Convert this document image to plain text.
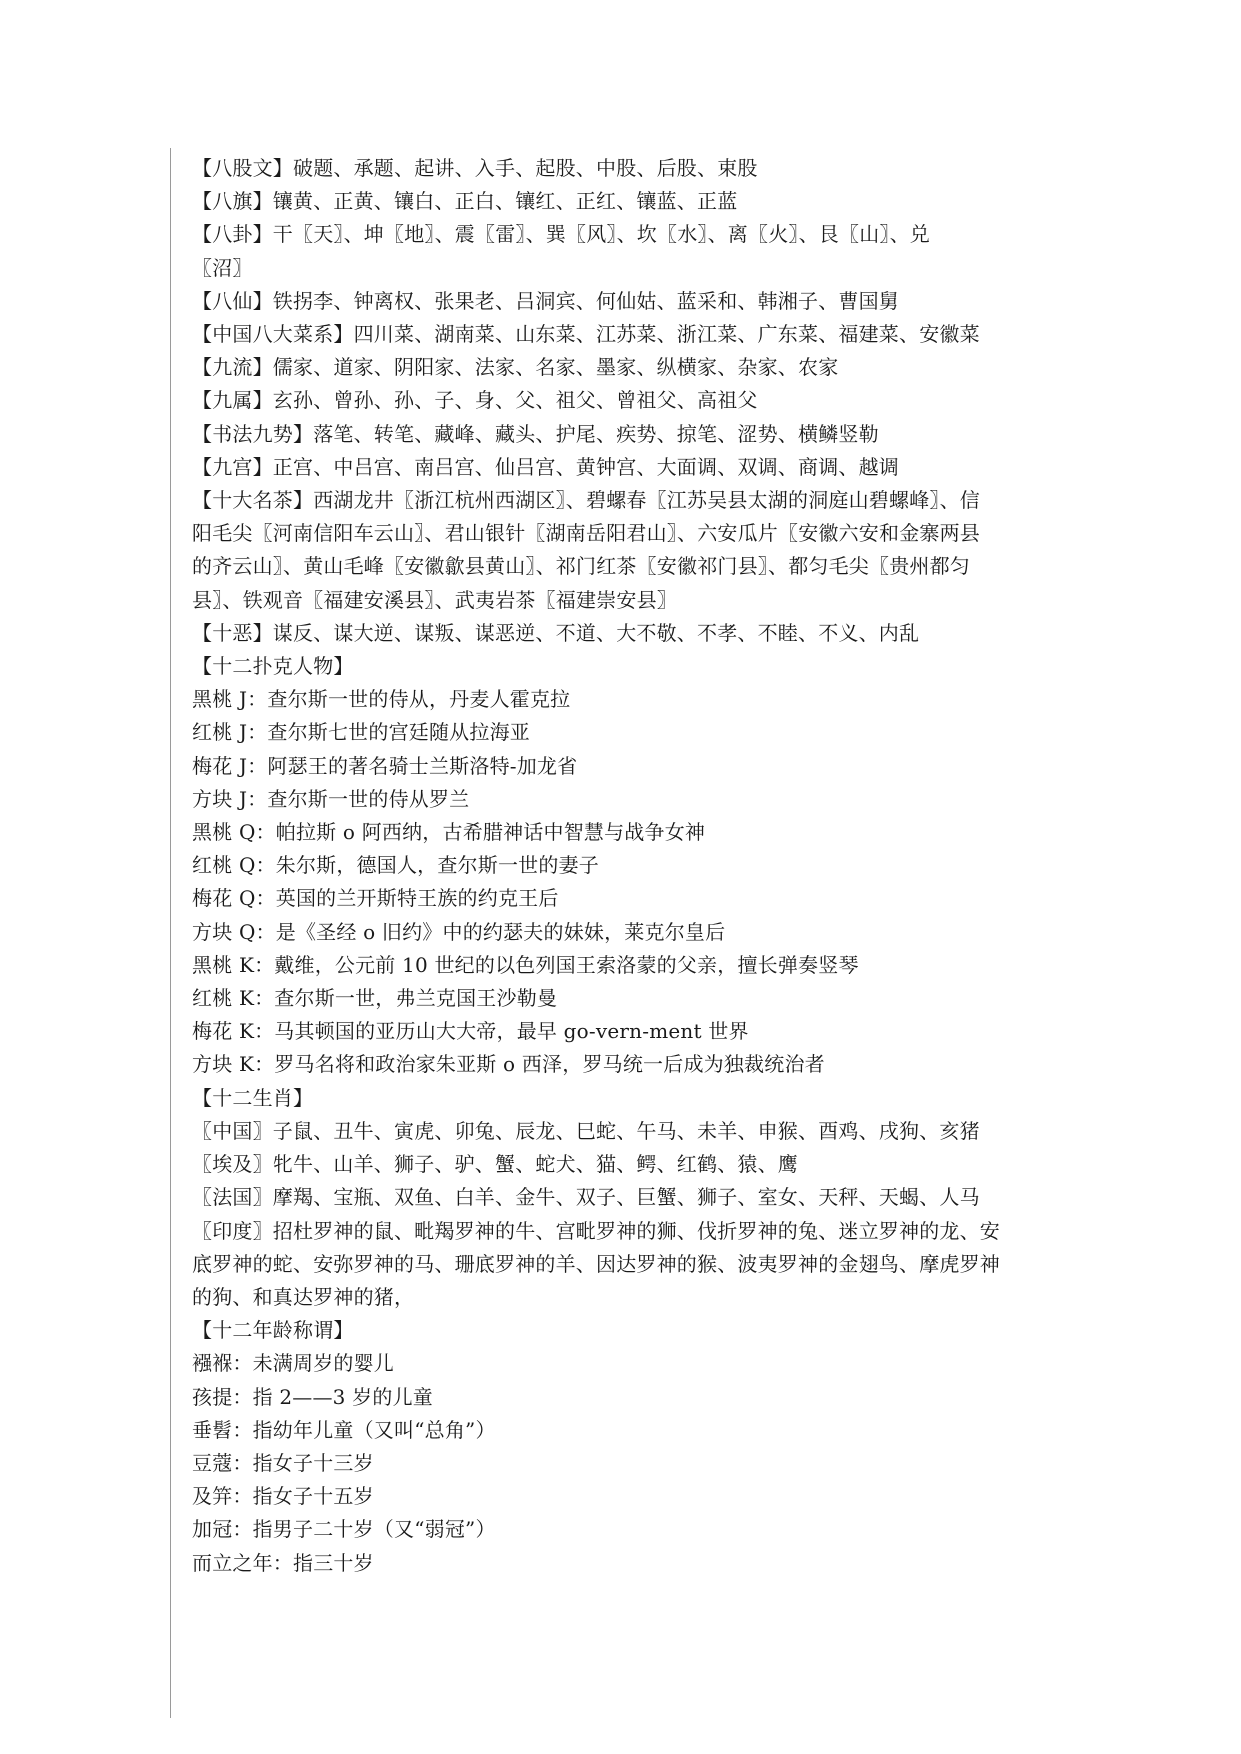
【八股文】破题、承题、起讲、入手、起股、中股、后股、束股
【八旗】镶黄、正黄、镶白、正白、镶红、正红、镶蓝、正蓝
【八卦】干〖天〗、坤〖地〗、震〖雷〗、巽〖风〗、坎〖水〗、离〖火〗、艮〖山〗、兑
〖沼〗
【八仙】铁拐李、钟离权、张果老、吕洞宾、何仙姑、蓝采和、韩湘子、曹国舅
【中国八大菜系】四川菜、湖南菜、山东菜、江苏菜、浙江菜、广东菜、福建菜、安徽菜
【九流】儒家、道家、阴阳家、法家、名家、墨家、纵横家、杂家、农家
【九属】玄孙、曾孙、孙、子、身、父、祖父、曾祖父、高祖父
【书法九势】落笔、转笔、藏峰、藏头、护尾、疾势、掠笔、涩势、横鳞竖勒
【九宫】正宫、中吕宫、南吕宫、仙吕宫、黄钟宫、大面调、双调、商调、越调
【十大名茶】西湖龙井〖浙江杭州西湖区〗、碧螺春〖江苏吴县太湖的洞庭山碧螺峰〗、信
阳毛尖〖河南信阳车云山〗、君山银针〖湖南岳阳君山〗、六安瓜片〖安徽六安和金寨两县
的齐云山〗、黄山毛峰〖安徽歙县黄山〗、祁门红茶〖安徽祁门县〗、都匀毛尖〖贵州都匀
县〗、铁观音〖福建安溪县〗、武夷岩茶〖福建崇安县〗
【十恶】谋反、谋大逆、谋叛、谋恶逆、不道、大不敬、不孝、不睦、不义、内乱
【十二扑克人物】
黑桃 J：查尔斯一世的侍从，丹麦人霍克拉
红桃 J：查尔斯七世的宫廷随从拉海亚
梅花 J：阿瑟王的著名骑士兰斯洛特-加龙省
方块 J：查尔斯一世的侍从罗兰
黑桃 Q：帕拉斯 o 阿西纳，古希腊神话中智慧与战争女神
红桃 Q：朱尔斯，德国人，查尔斯一世的妻子
梅花 Q：英国的兰开斯特王族的约克王后
方块 Q：是《圣经 o 旧约》中的约瑟夫的妹妹，莱克尔皇后
黑桃 K：戴维，公元前 10 世纪的以色列国王索洛蒙的父亲，擅长弹奏竖琴
红桃 K：查尔斯一世，弗兰克国王沙勒曼
梅花 K：马其顿国的亚历山大大帝，最早 go-vern-ment 世界
方块 K：罗马名将和政治家朱亚斯 o 西泽，罗马统一后成为独裁统治者
【十二生肖】
〖中国〗子鼠、丑牛、寅虎、卯兔、辰龙、巳蛇、午马、未羊、申猴、酉鸡、戌狗、亥猪
〖埃及〗牝牛、山羊、狮子、驴、蟹、蛇犬、猫、鳄、红鹤、猿、鹰
〖法国〗摩羯、宝瓶、双鱼、白羊、金牛、双子、巨蟹、狮子、室女、天秤、天蝎、人马
〖印度〗招杜罗神的鼠、毗羯罗神的牛、宫毗罗神的狮、伐折罗神的兔、迷立罗神的龙、安
底罗神的蛇、安弥罗神的马、珊底罗神的羊、因达罗神的猴、波夷罗神的金翅鸟、摩虎罗神
的狗、和真达罗神的猪，
【十二年龄称谓】
襁褓：未满周岁的婴儿
孩提：指 2——3 岁的儿童
垂髫：指幼年儿童（又叫“总角”）
豆蔻：指女子十三岁
及笄：指女子十五岁
加冠：指男子二十岁（又“弱冠”）
而立之年：指三十岁
